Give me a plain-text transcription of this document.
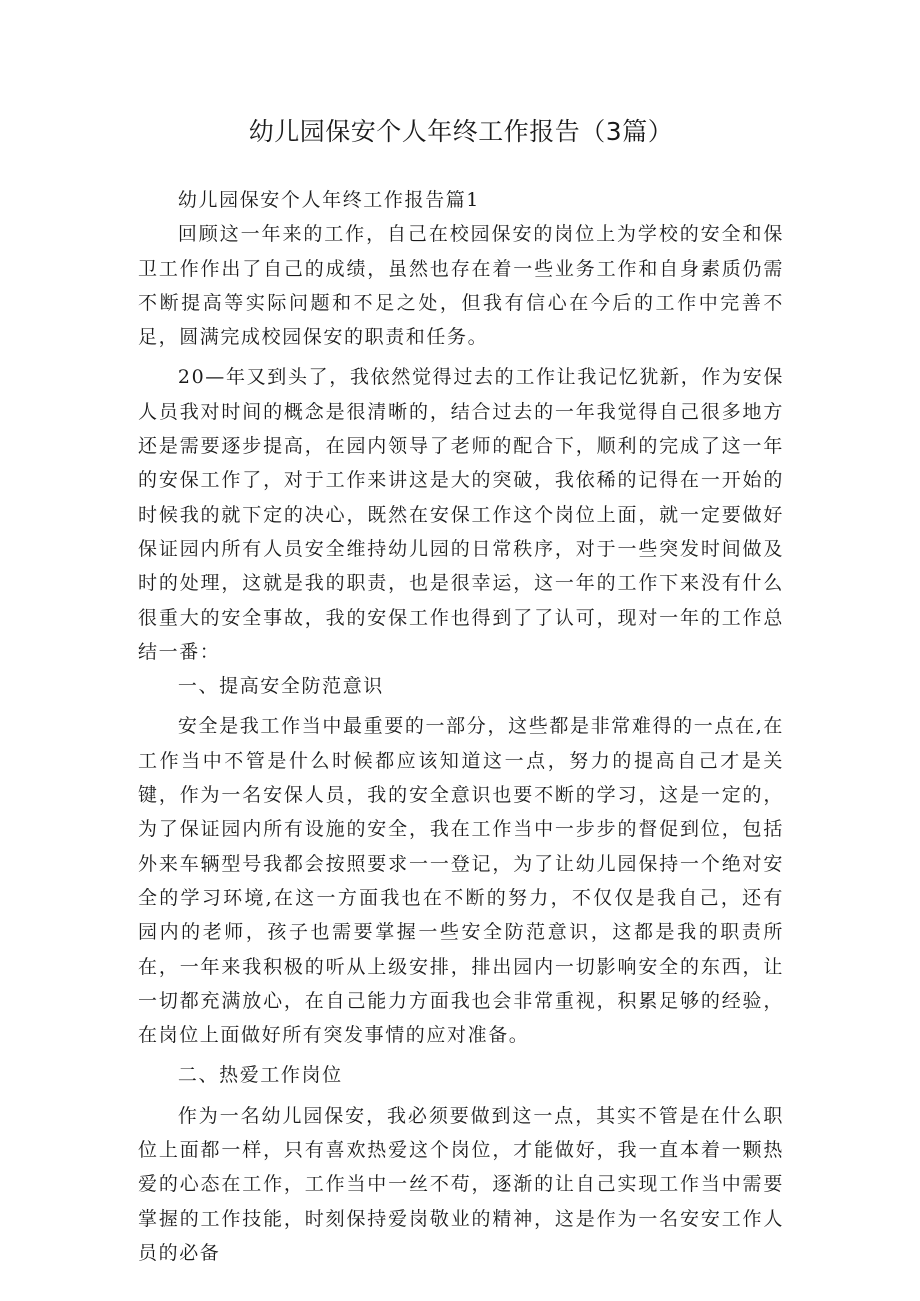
幼儿园保安个人年终工作报告（3篇）

幼儿园保安个人年终工作报告篇1

回顾这一年来的工作，自己在校园保安的岗位上为学校的安全和保卫工作作出了自己的成绩，虽然也存在着一些业务工作和自身素质仍需不断提高等实际问题和不足之处，但我有信心在今后的工作中完善不足，圆满完成校园保安的职责和任务。

20—年又到头了，我依然觉得过去的工作让我记忆犹新，作为安保人员我对时间的概念是很清晰的，结合过去的一年我觉得自己很多地方还是需要逐步提高，在园内领导了老师的配合下，顺利的完成了这一年的安保工作了，对于工作来讲这是大的突破，我依稀的记得在一开始的时候我的就下定的决心，既然在安保工作这个岗位上面，就一定要做好保证园内所有人员安全维持幼儿园的日常秩序，对于一些突发时间做及时的处理，这就是我的职责，也是很幸运，这一年的工作下来没有什么很重大的安全事故，我的安保工作也得到了了认可，现对一年的工作总结一番：

一、提高安全防范意识

安全是我工作当中最重要的一部分，这些都是非常难得的一点在,在工作当中不管是什么时候都应该知道这一点，努力的提高自己才是关键，作为一名安保人员，我的安全意识也要不断的学习，这是一定的，为了保证园内所有设施的安全，我在工作当中一步步的督促到位，包括外来车辆型号我都会按照要求一一登记，为了让幼儿园保持一个绝对安全的学习环境,在这一方面我也在不断的努力，不仅仅是我自己，还有园内的老师，孩子也需要掌握一些安全防范意识，这都是我的职责所在，一年来我积极的听从上级安排，排出园内一切影响安全的东西，让一切都充满放心，在自己能力方面我也会非常重视，积累足够的经验，在岗位上面做好所有突发事情的应对准备。

二、热爱工作岗位

作为一名幼儿园保安，我必须要做到这一点，其实不管是在什么职位上面都一样，只有喜欢热爱这个岗位，才能做好，我一直本着一颗热爱的心态在工作，工作当中一丝不苟，逐渐的让自己实现工作当中需要掌握的工作技能，时刻保持爱岗敬业的精神，这是作为一名安安工作人员的必备
